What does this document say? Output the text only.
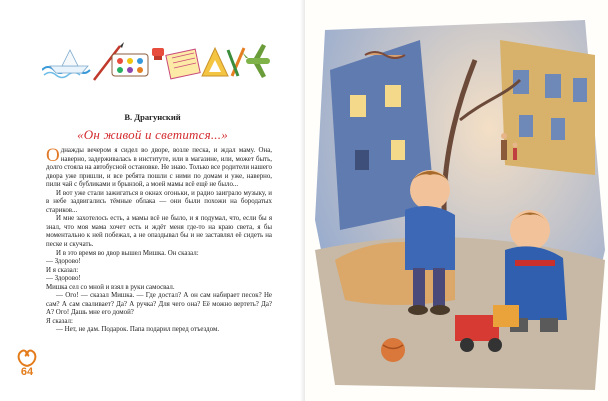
В. Драгунский
«Он живой и светится...»

Однажды вечером я сидел во дворе, возле песка, и ждал маму. Она, наверно, задерживалась в институте, или в магазине, или, может быть, долго стояла на автобусной остановке. Не знаю. Только все родители нашего двора уже пришли, и все ребята пошли с ними по домам и уже, наверно, пили чай с бубликами и брынзой, а моей мамы всё ещё не было...

И вот уже стали зажигаться в окнах огоньки, и радио заиграло музыку, и в небе задвигались тёмные облака — они были похожи на бородатых стариков...

И мне захотелось есть, а мамы всё не было, и я подумал, что, если бы я знал, что моя мама хочет есть и ждёт меня где-то на краю света, я бы моментально к ней побежал, а не опаздывал бы и не заставлял её сидеть на песке и скучать.

И в это время во двор вышел Мишка. Он сказал:

— Здорово!

И я сказал:

— Здорово!

Мишка сел со мной и взял в руки самосвал.

— Ого! — сказал Мишка. — Где достал? А он сам набирает песок? Не сам? А сам сваливает? Да? А ручка? Для чего она? Её можно вертеть? Да? А? Ого! Дашь мне его домой?

Я сказал:

— Нет, не дам. Подарок. Папа подарил перед отъездом.

64
